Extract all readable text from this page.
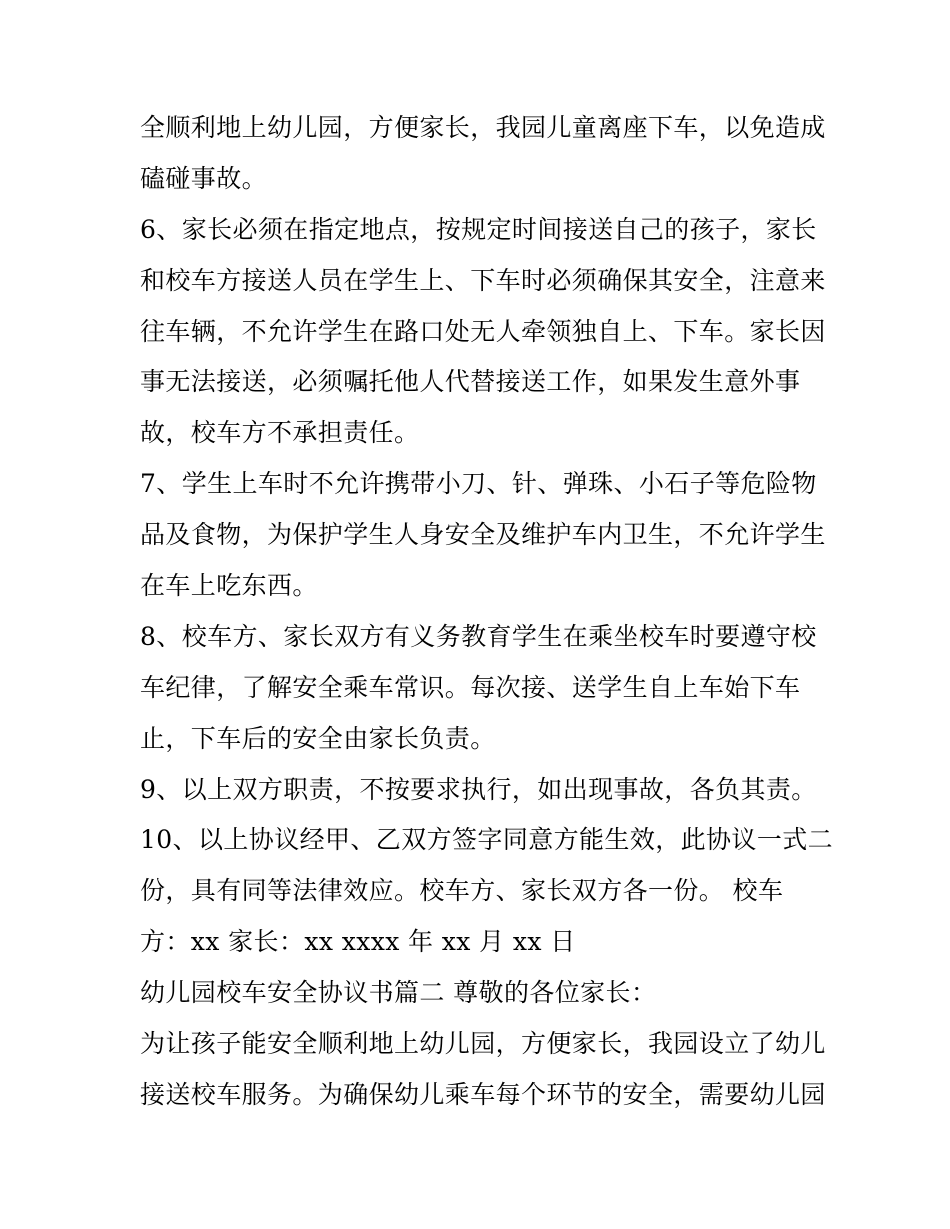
全顺利地上幼儿园，方便家长，我园儿童离座下车，以免造成
磕碰事故。
6、家长必须在指定地点，按规定时间接送自己的孩子，家长
和校车方接送人员在学生上、下车时必须确保其安全，注意来
往车辆，不允许学生在路口处无人牵领独自上、下车。家长因
事无法接送，必须嘱托他人代替接送工作，如果发生意外事
故，校车方不承担责任。
7、学生上车时不允许携带小刀、针、弹珠、小石子等危险物
品及食物，为保护学生人身安全及维护车内卫生，不允许学生
在车上吃东西。
8、校车方、家长双方有义务教育学生在乘坐校车时要遵守校
车纪律，了解安全乘车常识。每次接、送学生自上车始下车
止，下车后的安全由家长负责。
9、以上双方职责，不按要求执行，如出现事故，各负其责。
10、以上协议经甲、乙双方签字同意方能生效，此协议一式二
份，具有同等法律效应。校车方、家长双方各一份。 校车
方：xx 家长：xx xxxx 年 xx 月 xx 日
幼儿园校车安全协议书篇二 尊敬的各位家长：
为让孩子能安全顺利地上幼儿园，方便家长，我园设立了幼儿
接送校车服务。为确保幼儿乘车每个环节的安全，需要幼儿园
